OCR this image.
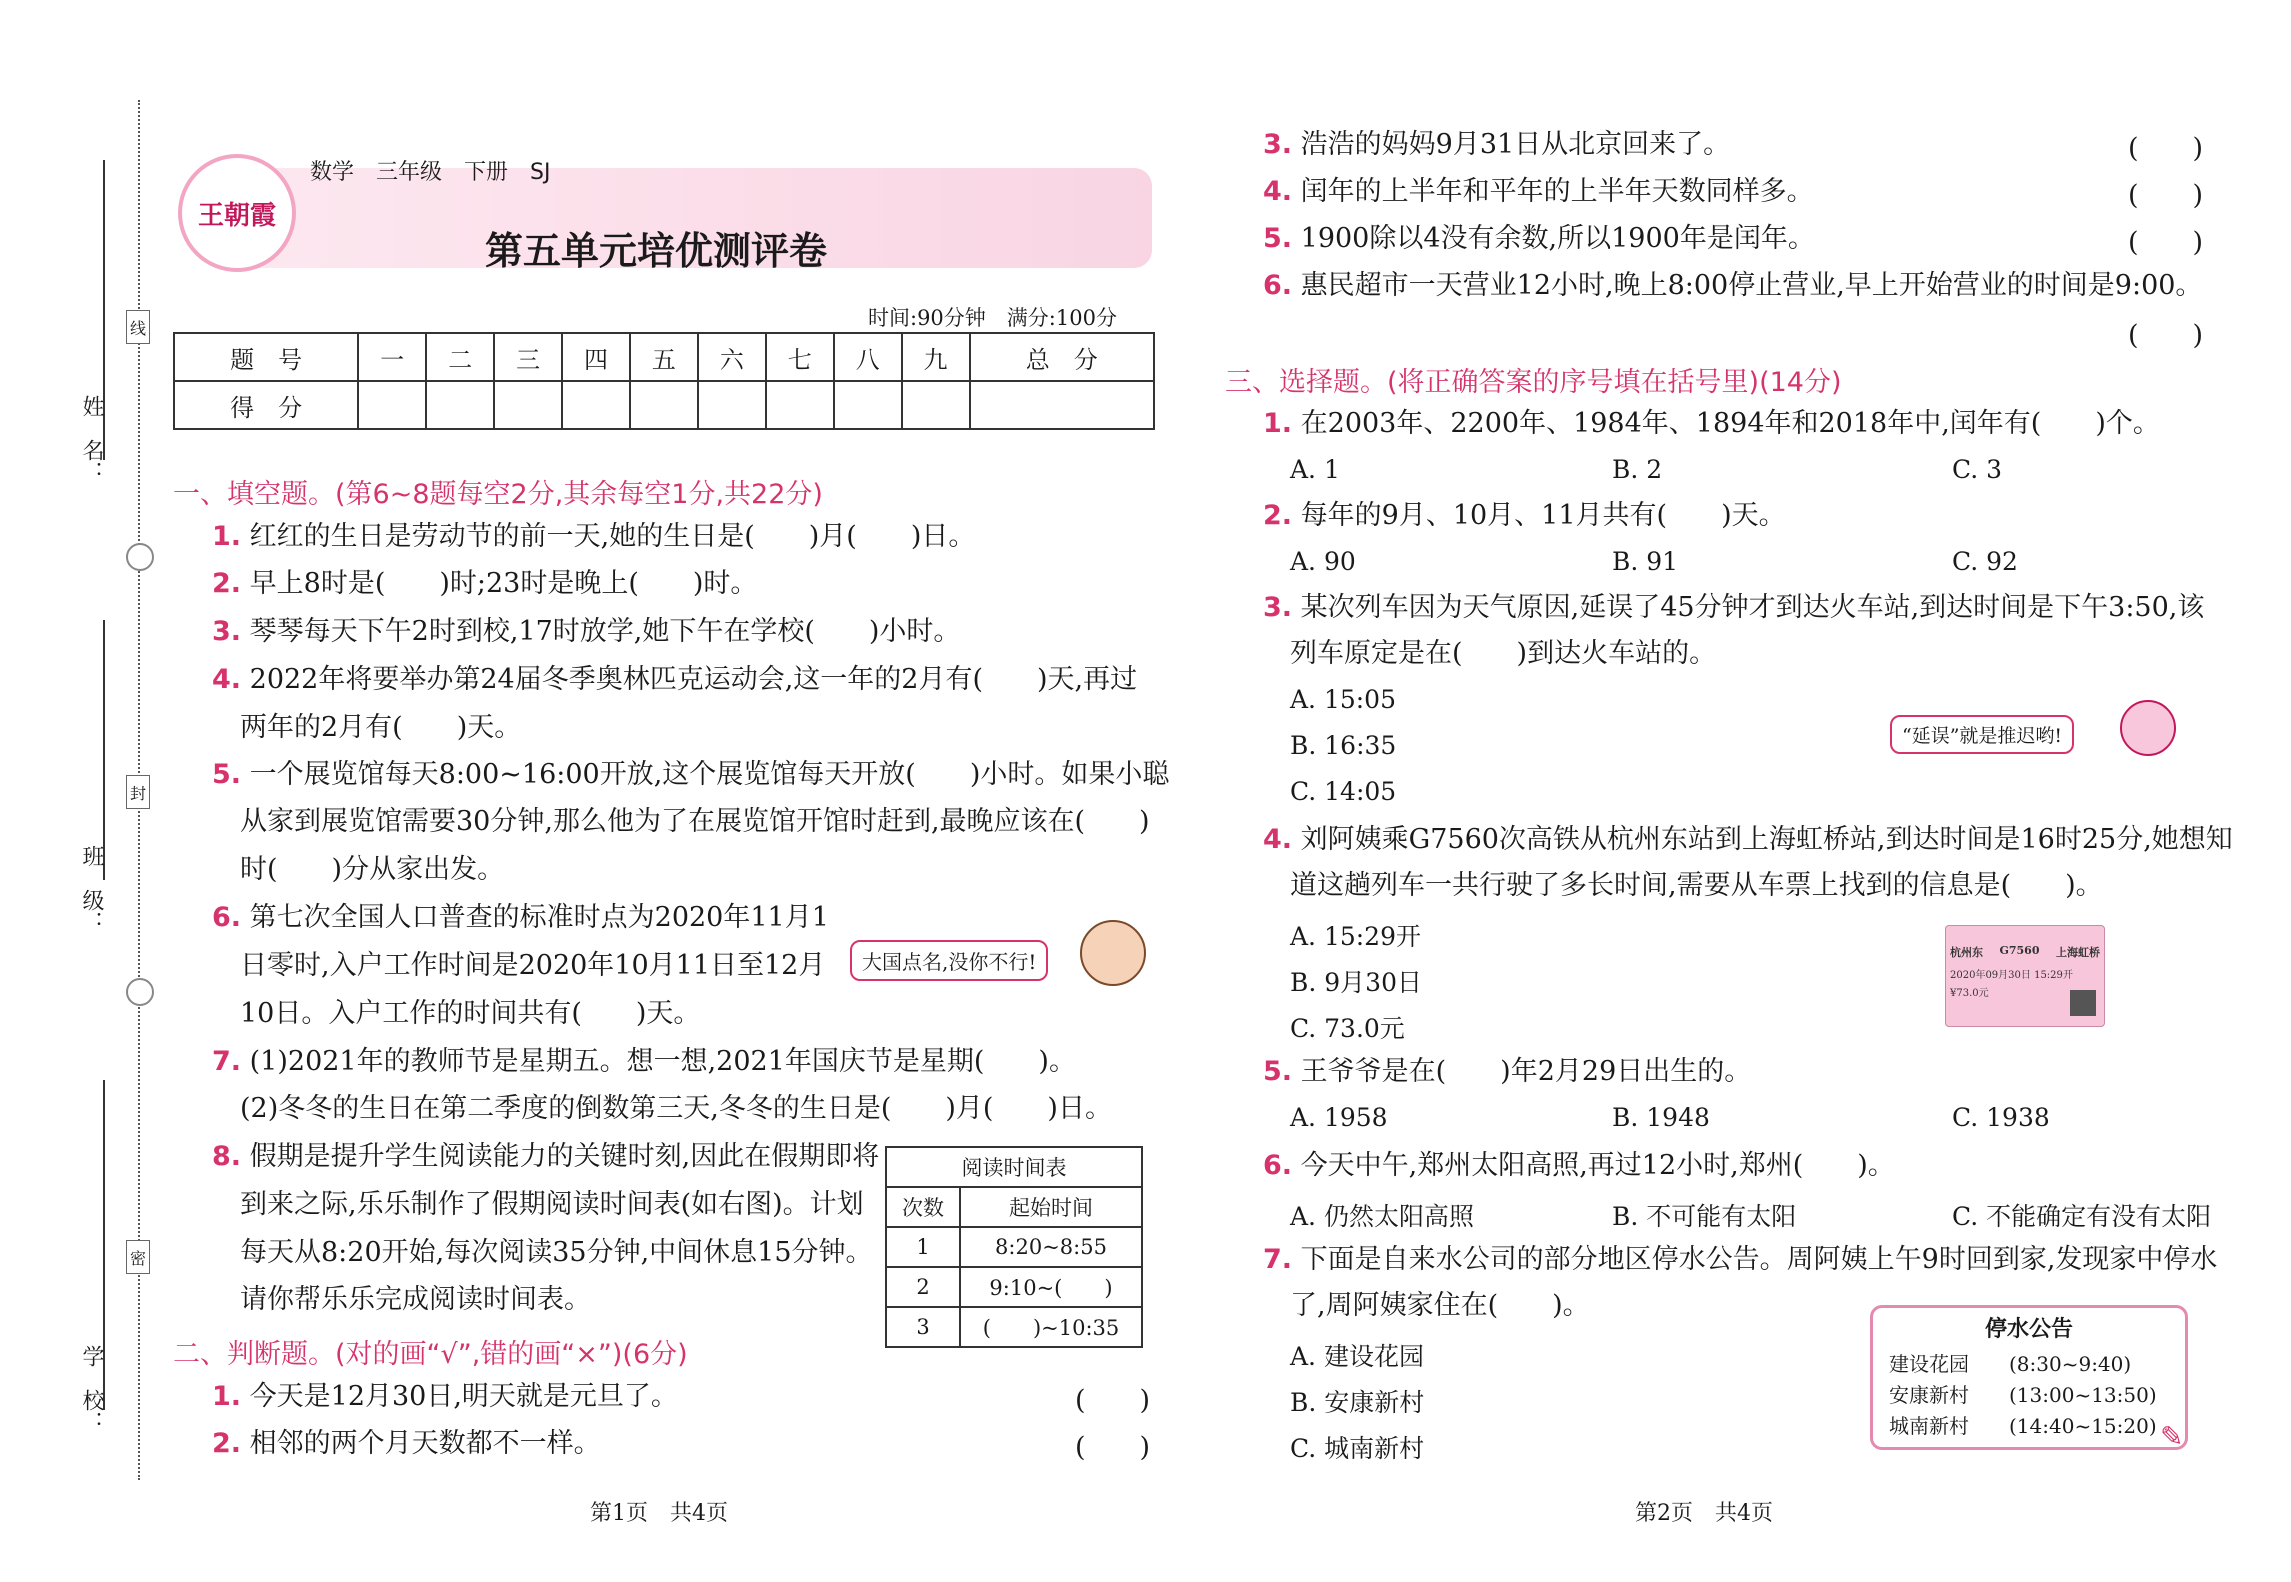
姓　名：
班　级：
学　校：
线
封
密
王朝霞
数学　三年级　下册　SJ
第五单元培优测评卷
时间:90分钟　满分:100分
题　号	一	二	三	四	五	六	七	八	九	总　分
得　分										
一、填空题。(第6~8题每空2分,其余每空1分,共22分)
1. 红红的生日是劳动节的前一天,她的生日是(　　)月(　　)日。
2. 早上8时是(　　)时;23时是晚上(　　)时。
3. 琴琴每天下午2时到校,17时放学,她下午在学校(　　)小时。
4. 2022年将要举办第24届冬季奥林匹克运动会,这一年的2月有(　　)天,再过
两年的2月有(　　)天。
5. 一个展览馆每天8:00~16:00开放,这个展览馆每天开放(　　)小时。如果小聪
从家到展览馆需要30分钟,那么他为了在展览馆开馆时赶到,最晚应该在(　　)
时(　　)分从家出发。
6. 第七次全国人口普查的标准时点为2020年11月1
日零时,入户工作时间是2020年10月11日至12月
10日。入户工作的时间共有(　　)天。
大国点名,没你不行!
7. (1)2021年的教师节是星期五。想一想,2021年国庆节是星期(　　)。
(2)冬冬的生日在第二季度的倒数第三天,冬冬的生日是(　　)月(　　)日。
8. 假期是提升学生阅读能力的关键时刻,因此在假期即将
到来之际,乐乐制作了假期阅读时间表(如右图)。计划
每天从8:20开始,每次阅读35分钟,中间休息15分钟。
请你帮乐乐完成阅读时间表。
阅读时间表	
次数	起始时间
1	8:20~8:55
2	9:10~(　　)
3	(　　)~10:35
二、判断题。(对的画“√”,错的画“×”)(6分)
1. 今天是12月30日,明天就是元旦了。	(　　)
2. 相邻的两个月天数都不一样。	(　　)
3. 浩浩的妈妈9月31日从北京回来了。	(　　)
4. 闰年的上半年和平年的上半年天数同样多。	(　　)
5. 1900除以4没有余数,所以1900年是闰年。	(　　)
6. 惠民超市一天营业12小时,晚上8:00停止营业,早上开始营业的时间是9:00。
(　　)
三、选择题。(将正确答案的序号填在括号里)(14分)
1. 在2003年、2200年、1984年、1894年和2018年中,闰年有(　　)个。
A. 1	B. 2	C. 3
2. 每年的9月、10月、11月共有(　　)天。
A. 90	B. 91	C. 92
3. 某次列车因为天气原因,延误了45分钟才到达火车站,到达时间是下午3:50,该
列车原定是在(　　)到达火车站的。
A. 15:05
B. 16:35
C. 14:05
“延误”就是推迟哟!
4. 刘阿姨乘G7560次高铁从杭州东站到上海虹桥站,到达时间是16时25分,她想知
道这趟列车一共行驶了多长时间,需要从车票上找到的信息是(　　)。
A. 15:29开
B. 9月30日
C. 73.0元
杭州东 G7560 上海虹桥
2020年09月30日 15:29开
¥73.0元
5. 王爷爷是在(　　)年2月29日出生的。
A. 1958	B. 1948	C. 1938
6. 今天中午,郑州太阳高照,再过12小时,郑州(　　)。
A. 仍然太阳高照	B. 不可能有太阳	C. 不能确定有没有太阳
7. 下面是自来水公司的部分地区停水公告。周阿姨上午9时回到家,发现家中停水
了,周阿姨家住在(　　)。
A. 建设花园
B. 安康新村
C. 城南新村
停水公告
建设花园　　(8:30~9:40)
安康新村　　(13:00~13:50)
城南新村　　(14:40~15:20) ✎
第1页　共4页	第2页　共4页
